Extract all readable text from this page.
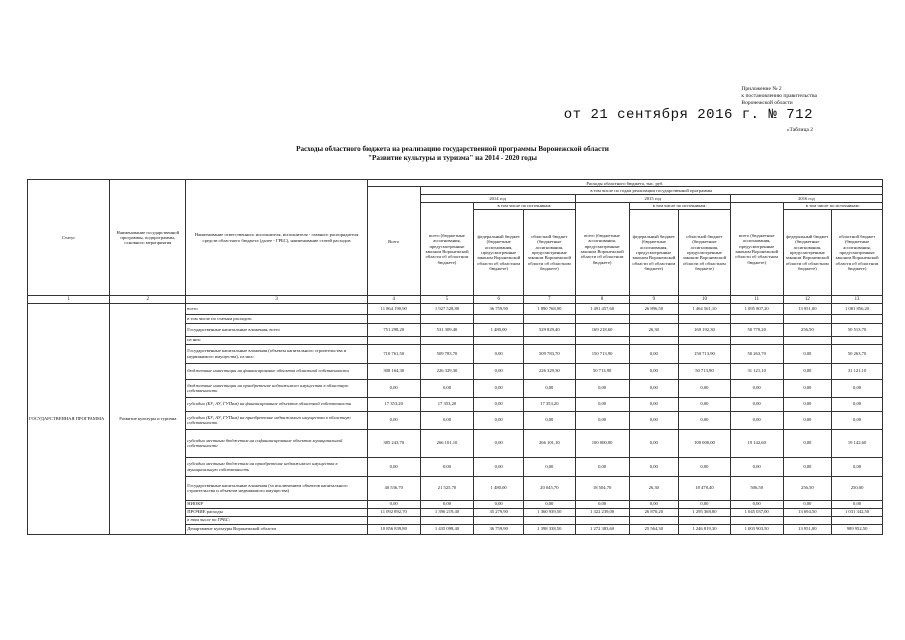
Приложение № 2
к постановлению правительства
Воронежской области
от 21 сентября 2016 г. № 712
«Таблица 2
Расходы областного бюджета на реализацию государственной программы Воронежской области
"Развитие культуры и туризма" на 2014 - 2020 годы
Статус	Наименование государственной программы, подпрограммы, основного мероприятия	Наименование ответственного исполнителя, исполнителя - главного распорядителя средств областного бюджета (далее - ГРБС), наименование статей расходов	Расходы областного бюджета, тыс. руб.									
			Всего	в том числе по годам реализации государственной программы								
				2014 год			2015 год			2016 год		
				всего (бюджетные ассигнования, предусмотренные законом Воронежской области об областном бюджете)	в том числе по источникам:		всего (бюджетные ассигнования, предусмотренные законом Воронежской области об областном бюджете)	в том числе по источникам:		всего (бюджетные ассигнования, предусмотренные законом Воронежской области об областном бюджете)	в том числе по источникам:	
					федеральный бюджет (бюджетные ассигнования, предусмотренные законом Воронежской области об областном бюджете)	областной бюджет (бюджетные ассигнования, предусмотренные законом Воронежской области об областном бюджете)		федеральный бюджет (бюджетные ассигнования, предусмотренные законом Воронежской области об областном бюджете)	областной бюджет (бюджетные ассигнования, предусмотренные законом Воронежской области об областном бюджете)		федеральный бюджет (бюджетные ассигнования, предусмотренные законом Воронежской области об областном бюджете)	областной бюджет (бюджетные ассигнования, предусмотренные законом Воронежской области об областном бюджете)
1	2	3	4	5	6	7	8	9	10	11	12	13
ГОСУДАРСТВЕННАЯ ПРОГРАММА	Развитие культуры и туризма	всего	11 864 190,90	1 927 528,80	36 759,90	1 890 768,90	1 491 457,60	26 896,50	1 464 561,10	1 095 807,20	13 951,00	1 081 856,20
		в том числе по статьям расходов:										
		Государственные капитальные вложения, всего	751 298,20	531 309,40	1 480,00	529 829,40	169 218,60	26,30	169 192,30	50 770,20	256,50	50 513,70
		из них:										
		Государственные капитальные вложения (объекты капитального строительства и недвижимого имущества), из них:	710 761,50	509 783,70	0,00	509 783,70	150 713,90	0,00	150 713,90	50 263,70	0,00	50 263,70
		бюджетные инвестиции на финансирование объектов областной собственности	308 164,30	226 329,30	0,00	226 329,30	50 713,90	0,00	50 713,90	31 121,10	0,00	31 121,10
		бюджетные инвестиции на приобретение недвижимого имущества в областную собственность	0,00	0,00	0,00	0,00	0,00	0,00	0,00	0,00	0,00	0,00
		субсидии (БУ, АУ, ГУПам) на финансирование объектов областной собственности	17 353,20	17 353,20	0,00	17 353,20	0,00	0,00	0,00	0,00	0,00	0,00
		субсидии (БУ, АУ, ГУПам) на приобретение недвижимого имущества в областную собственность	0,00	0,00	0,00	0,00	0,00	0,00	0,00	0,00	0,00	0,00
		субсидии местным бюджетам на софинансирование объектов муниципальной собственности	385 243,70	266 101,10	0,00	266 101,10	100 000,00	0,00	100 000,00	19 142,60	0,00	19 142,60
		субсидии местным бюджетам на приобретение недвижимого имущества в муниципальную собственность	0,00	0,00	0,00	0,00	0,00	0,00	0,00	0,00	0,00	0,00
		Государственные капитальные вложения (за исключением объектов капитального строительства и объектов недвижимого имущества)	40 536,70	21 525,70	1 480,00	20 045,70	18 504,70	26,30	18 478,40	506,50	256,50	250,00
		НИОКР	0,00	0,00	0,00	0,00	0,00	0,00	0,00	0,00	0,00	0,00
		ПРОЧИЕ расходы	11 092 892,70	1 396 219,40	35 279,90	1 360 939,50	1 322 239,00	26 870,20	1 295 368,80	1 045 037,00	13 694,50	1 031 342,50
		в том числе по ГРБС:										
		Департамент культуры Воронежской области	10 856 839,80	1 435 098,40	36 759,90	1 398 338,50	1 272 383,60	25 564,30	1 246 819,30	1 003 903,50	13 951,00	989 952,50
